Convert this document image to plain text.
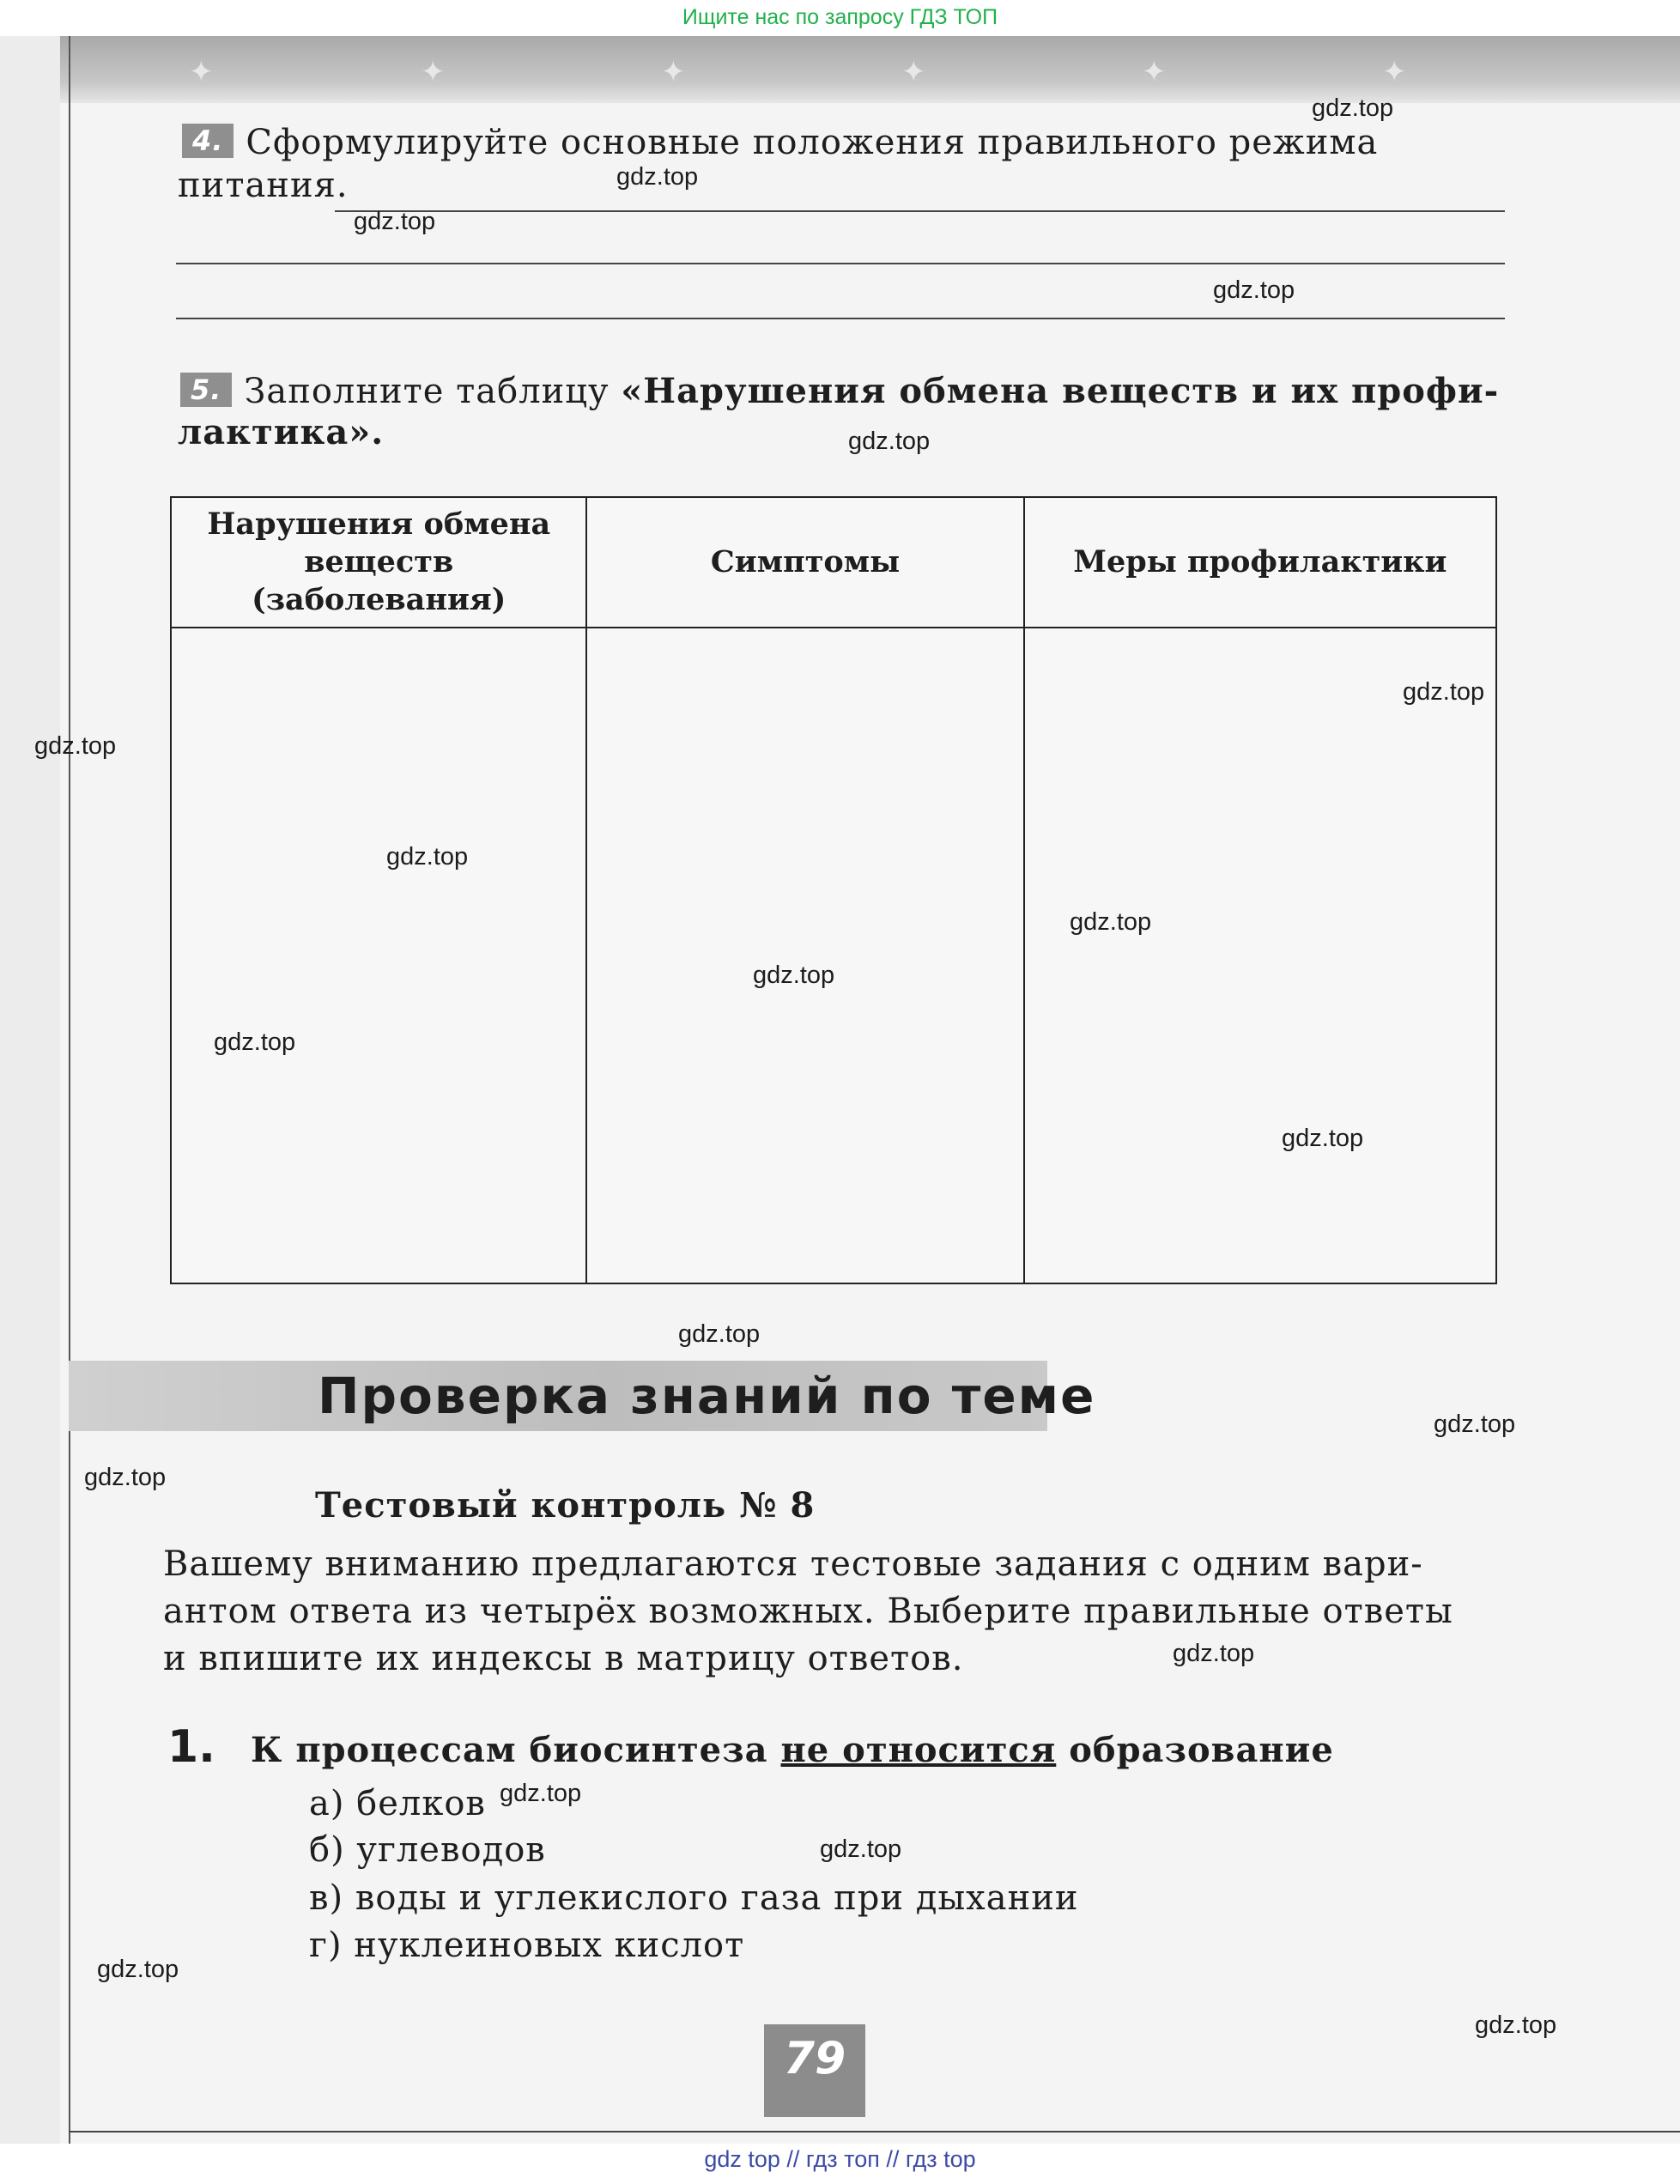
Ищите нас по запросу ГДЗ ТОП
✦	✦	✦	✦	✦	✦
4. Сформулируйте основные положения правильного режима
питания.
5. Заполните таблицу «Нарушения обмена веществ и их профи-
лактика».
Нарушения обмена веществ (заболевания)	Симптомы	Меры профилактики

Проверка знаний по теме
Тестовый контроль № 8
Вашему вниманию предлагаются тестовые задания с одним вари-
антом ответа из четырёх возможных. Выберите правильные ответы
и впишите их индексы в матрицу ответов.
1. К процессам биосинтеза не относится образование
а) белков
б) углеводов
в) воды и углекислого газа при дыхании
г) нуклеиновых кислот
79
gdz.top
gdz.top
gdz.top
gdz.top
gdz.top
gdz.top
gdz.top
gdz.top
gdz.top
gdz.top
gdz.top
gdz.top
gdz.top
gdz.top
gdz.top
gdz.top
gdz.top
gdz.top
gdz.top
gdz.top
gdz top // гдз топ // гдз top
